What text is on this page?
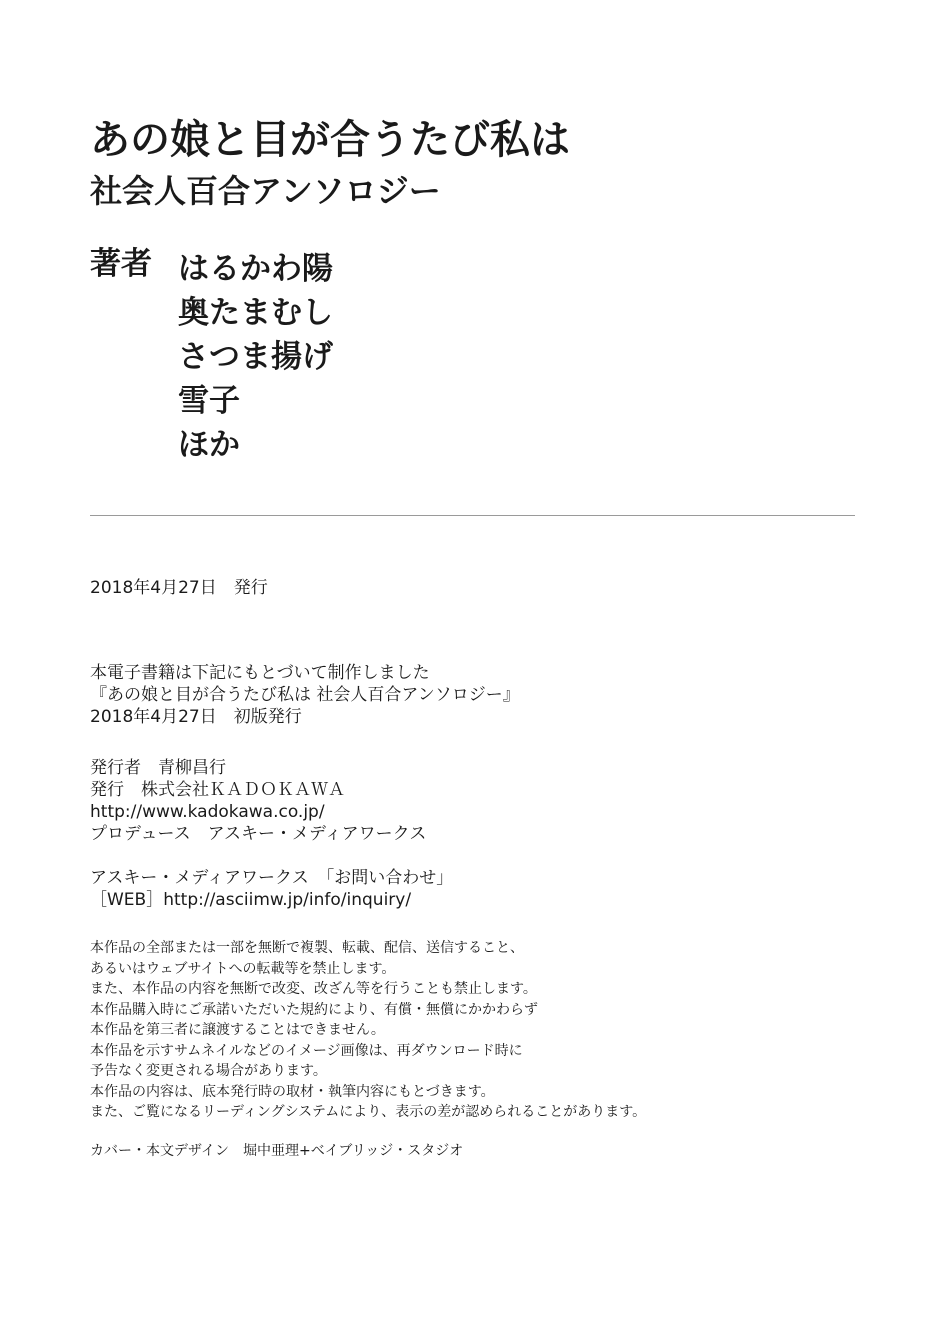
あの娘と目が合うたび私は
社会人百合アンソロジー
著者 はるかわ陽
奥たまむし
さつま揚げ
雪子
ほか
2018年4月27日　発行
本電子書籍は下記にもとづいて制作しました
『あの娘と目が合うたび私は 社会人百合アンソロジー』
2018年4月27日　初版発行
発行者　青柳昌行
発行　株式会社ＫＡＤＯＫＡＷＡ
http://www.kadokawa.co.jp/
プロデュース　アスキー・メディアワークス
アスキー・メディアワークス　「お問い合わせ」
［WEB］http://asciimw.jp/info/inquiry/
本作品の全部または一部を無断で複製、転載、配信、送信すること、
あるいはウェブサイトへの転載等を禁止します。
また、本作品の内容を無断で改変、改ざん等を行うことも禁止します。
本作品購入時にご承諾いただいた規約により、有償・無償にかかわらず
本作品を第三者に譲渡することはできません。
本作品を示すサムネイルなどのイメージ画像は、再ダウンロード時に
予告なく変更される場合があります。
本作品の内容は、底本発行時の取材・執筆内容にもとづきます。
また、ご覧になるリーディングシステムにより、表示の差が認められることがあります。
カバー・本文デザイン　堀中亜理+ベイブリッジ・スタジオ
